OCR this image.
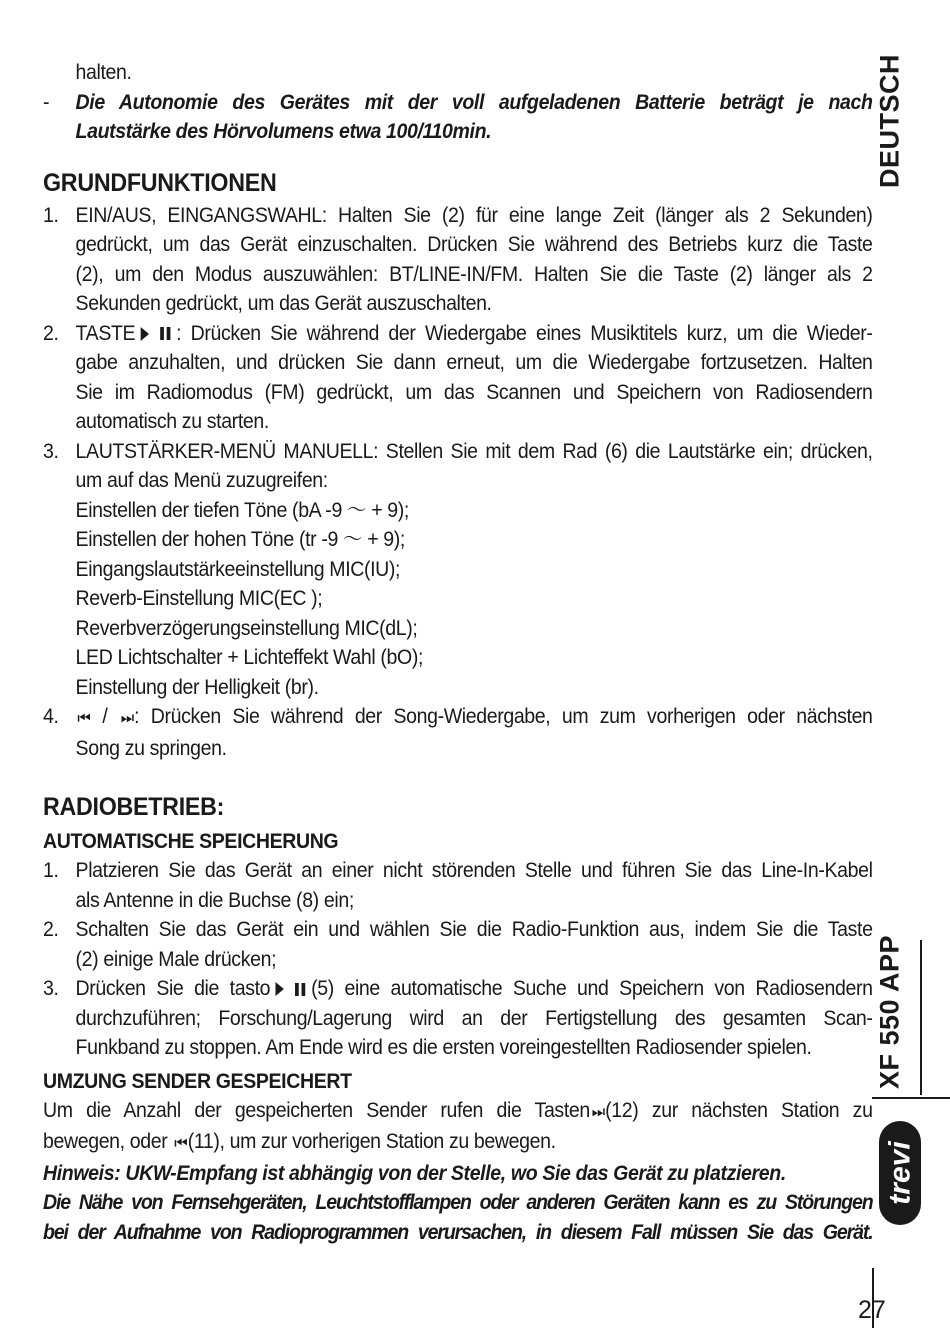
DEUTSCH
halten.
-	Die Autonomie des Gerätes mit der voll aufgeladenen Batterie beträgt je nach
Lautstärke des Hörvolumens etwa 100/110min.
GRUNDFUNKTIONEN
1. EIN/AUS, EINGANGSWAHL: Halten Sie (2) für eine lange Zeit (länger als 2 Sekunden)
gedrückt, um das Gerät einzuschalten. Drücken Sie während des Betriebs kurz die Taste
(2), um den Modus auszuwählen: BT/LINE-IN/FM. Halten Sie die Taste (2) länger als 2
Sekunden gedrückt, um das Gerät auszuschalten.
2. TASTE : Drücken Sie während der Wiedergabe eines Musiktitels kurz, um die Wieder-
gabe anzuhalten, und drücken Sie dann erneut, um die Wiedergabe fortzusetzen. Halten
Sie im Radiomodus (FM) gedrückt, um das Scannen und Speichern von Radiosendern
automatisch zu starten.
3. LAUTSTÄRKER-MENÜ MANUELL: Stellen Sie mit dem Rad (6) die Lautstärke ein; drücken,
um auf das Menü zuzugreifen:
Einstellen der tiefen Töne (bA -9 ～ + 9);
Einstellen der hohen Töne (tr -9 ～ + 9);
Eingangslautstärkeeinstellung MIC(IU);
Reverb-Einstellung MIC(EC );
Reverbverzögerungseinstellung MIC(dL);
LED Lichtschalter + Lichteffekt Wahl (bO);
Einstellung der Helligkeit (br).
4.	⏮ / ⏭: Drücken Sie während der Song-Wiedergabe, um zum vorherigen oder nächsten
Song zu springen.
RADIOBETRIEB:
AUTOMATISCHE SPEICHERUNG
1. Platzieren Sie das Gerät an einer nicht störenden Stelle und führen Sie das Line-In-Kabel
als Antenne in die Buchse (8) ein;
2. Schalten Sie das Gerät ein und wählen Sie die Radio-Funktion aus, indem Sie die Taste
(2) einige Male drücken;
3. Drücken Sie die tasto (5) eine automatische Suche und Speichern von Radiosendern
durchzuführen; Forschung/Lagerung wird an der Fertigstellung des gesamten Scan-
Funkband zu stoppen. Am Ende wird es die ersten voreingestellten Radiosender spielen.
UMZUNG SENDER GESPEICHERT
Um die Anzahl der gespeicherten Sender rufen die Tasten ⏭(12) zur nächsten Station zu
bewegen, oder ⏮(11), um zur vorherigen Station zu bewegen.
Hinweis: UKW-Empfang ist abhängig von der Stelle, wo Sie das Gerät zu platzieren.
Die Nähe von Fernsehgeräten, Leuchtstofflampen oder anderen Geräten kann es zu Störungen
bei der Aufnahme von Radioprogrammen verursachen, in diesem Fall müssen Sie das Gerät.
XF 550 APP
trevi
27
